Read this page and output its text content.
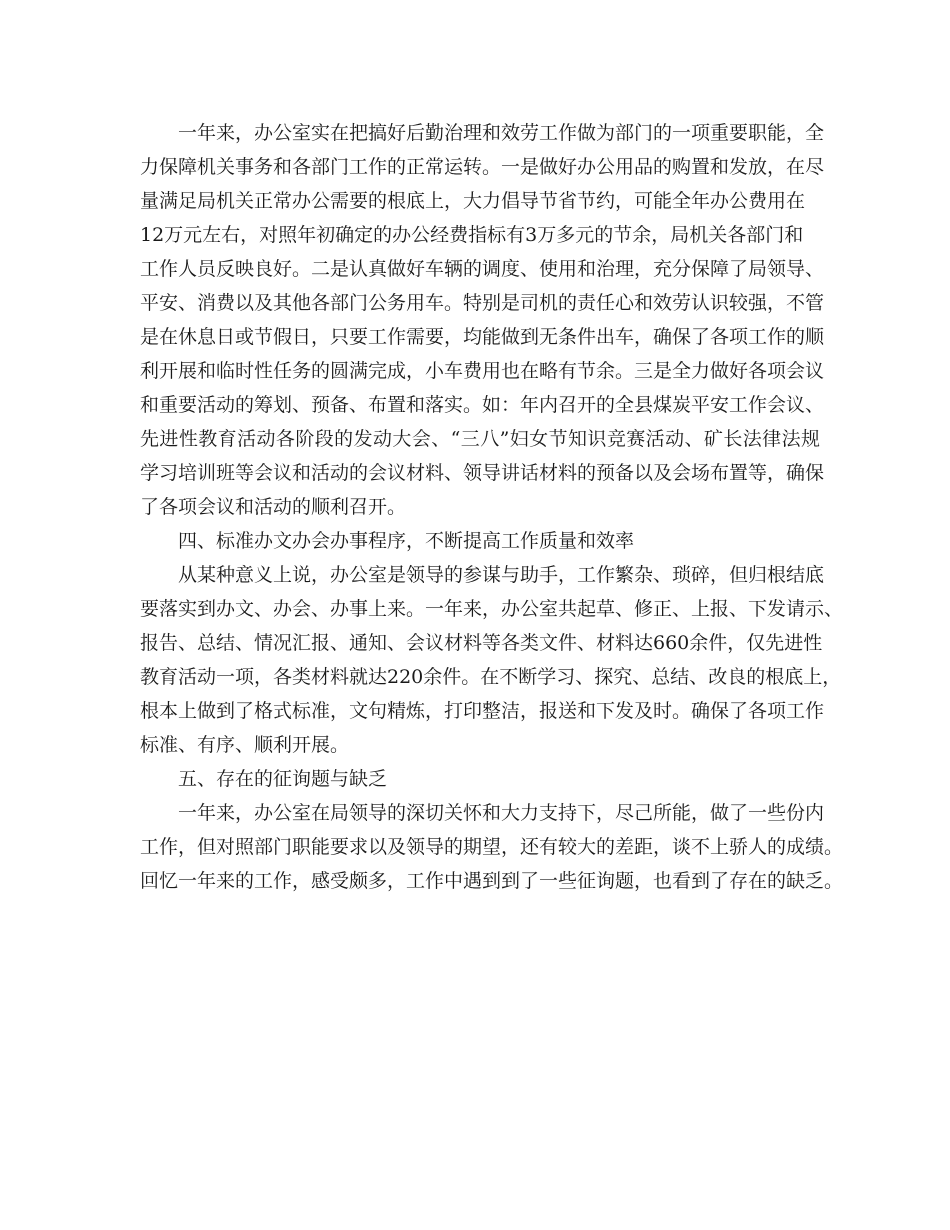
一年来，办公室实在把搞好后勤治理和效劳工作做为部门的一项重要职能，全
力保障机关事务和各部门工作的正常运转。一是做好办公用品的购置和发放，在尽
量满足局机关正常办公需要的根底上，大力倡导节省节约，可能全年办公费用在
12万元左右，对照年初确定的办公经费指标有3万多元的节余，局机关各部门和
工作人员反映良好。二是认真做好车辆的调度、使用和治理，充分保障了局领导、
平安、消费以及其他各部门公务用车。特别是司机的责任心和效劳认识较强，不管
是在休息日或节假日，只要工作需要，均能做到无条件出车，确保了各项工作的顺
利开展和临时性任务的圆满完成，小车费用也在略有节余。三是全力做好各项会议
和重要活动的筹划、预备、布置和落实。如：年内召开的全县煤炭平安工作会议、
先进性教育活动各阶段的发动大会、“三八”妇女节知识竞赛活动、矿长法律法规
学习培训班等会议和活动的会议材料、领导讲话材料的预备以及会场布置等，确保
了各项会议和活动的顺利召开。
四、标准办文办会办事程序，不断提高工作质量和效率
从某种意义上说，办公室是领导的参谋与助手，工作繁杂、琐碎，但归根结底
要落实到办文、办会、办事上来。一年来，办公室共起草、修正、上报、下发请示、
报告、总结、情况汇报、通知、会议材料等各类文件、材料达660余件，仅先进性
教育活动一项，各类材料就达220余件。在不断学习、探究、总结、改良的根底上，
根本上做到了格式标准，文句精炼，打印整洁，报送和下发及时。确保了各项工作
标准、有序、顺利开展。
五、存在的征询题与缺乏
一年来，办公室在局领导的深切关怀和大力支持下，尽己所能，做了一些份内
工作，但对照部门职能要求以及领导的期望，还有较大的差距，谈不上骄人的成绩。
回忆一年来的工作，感受颇多，工作中遇到到了一些征询题，也看到了存在的缺乏。
